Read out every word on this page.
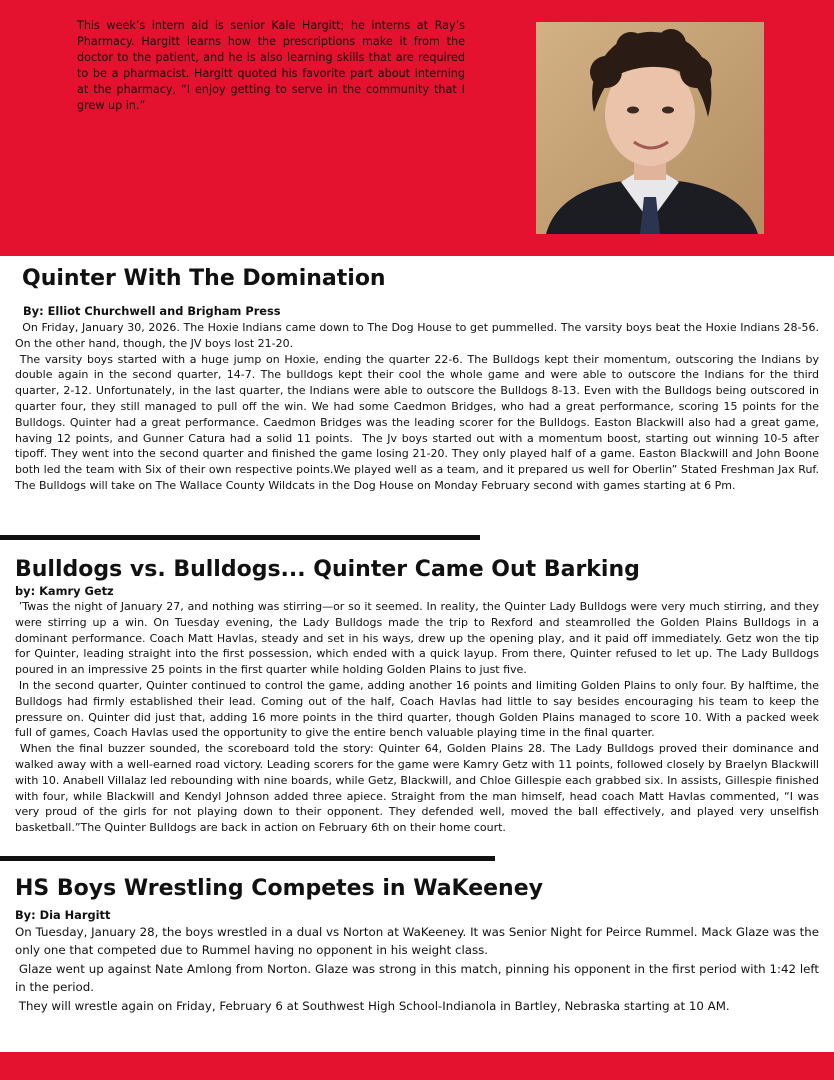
This week’s intern aid is senior Kale Hargitt; he interns at Ray’s Pharmacy. Hargitt learns how the prescriptions make it from the doctor to the patient, and he is also learning skills that are required to be a pharmacist. Hargitt quoted his favorite part about interning at the pharmacy, “I enjoy getting to serve in the community that I grew up in.”

Quinter With The Domination

By: Elliot Churchwell and Brigham Press

On Friday, January 30, 2026. The Hoxie Indians came down to The Dog House to get pummelled. The varsity boys beat the Hoxie Indians 28-56. On the other hand, though, the JV boys lost 21-20.

The varsity boys started with a huge jump on Hoxie, ending the quarter 22-6. The Bulldogs kept their momentum, outscoring the Indians by double again in the second quarter, 14-7. The bulldogs kept their cool the whole game and were able to outscore the Indians for the third quarter, 2-12. Unfortunately, in the last quarter, the Indians were able to outscore the Bulldogs 8-13. Even with the Bulldogs being outscored in quarter four, they still managed to pull off the win. We had some Caedmon Bridges, who had a great performance, scoring 15 points for the Bulldogs. Quinter had a great performance. Caedmon Bridges was the leading scorer for the Bulldogs. Easton Blackwill also had a great game, having 12 points, and Gunner Catura had a solid 11 points.  The Jv boys started out with a momentum boost, starting out winning 10-5 after tipoff. They went into the second quarter and finished the game losing 21-20. They only played half of a game. Easton Blackwill and John Boone both led the team with Six of their own respective points.We played well as a team, and it prepared us well for Oberlin” Stated Freshman Jax Ruf. The Bulldogs will take on The Wallace County Wildcats in the Dog House on Monday February second with games starting at 6 Pm.

Bulldogs vs. Bulldogs... Quinter Came Out Barking

by: Kamry Getz

’Twas the night of January 27, and nothing was stirring—or so it seemed. In reality, the Quinter Lady Bulldogs were very much stirring, and they were stirring up a win. On Tuesday evening, the Lady Bulldogs made the trip to Rexford and steamrolled the Golden Plains Bulldogs in a dominant performance. Coach Matt Havlas, steady and set in his ways, drew up the opening play, and it paid off immediately. Getz won the tip for Quinter, leading straight into the first possession, which ended with a quick layup. From there, Quinter refused to let up. The Lady Bulldogs poured in an impressive 25 points in the first quarter while holding Golden Plains to just five.

In the second quarter, Quinter continued to control the game, adding another 16 points and limiting Golden Plains to only four. By halftime, the Bulldogs had firmly established their lead. Coming out of the half, Coach Havlas had little to say besides encouraging his team to keep the pressure on. Quinter did just that, adding 16 more points in the third quarter, though Golden Plains managed to score 10. With a packed week full of games, Coach Havlas used the opportunity to give the entire bench valuable playing time in the final quarter.

When the final buzzer sounded, the scoreboard told the story: Quinter 64, Golden Plains 28. The Lady Bulldogs proved their dominance and walked away with a well-earned road victory. Leading scorers for the game were Kamry Getz with 11 points, followed closely by Braelyn Blackwill with 10. Anabell Villalaz led rebounding with nine boards, while Getz, Blackwill, and Chloe Gillespie each grabbed six. In assists, Gillespie finished with four, while Blackwill and Kendyl Johnson added three apiece. Straight from the man himself, head coach Matt Havlas commented, “I was very proud of the girls for not playing down to their opponent. They defended well, moved the ball effectively, and played very unselfish basketball.”The Quinter Bulldogs are back in action on February 6th on their home court.

HS Boys Wrestling Competes in WaKeeney

By: Dia Hargitt

On Tuesday, January 28, the boys wrestled in a dual vs Norton at WaKeeney. It was Senior Night for Peirce Rummel. Mack Glaze was the only one that competed due to Rummel having no opponent in his weight class.

Glaze went up against Nate Amlong from Norton. Glaze was strong in this match, pinning his opponent in the first period with 1:42 left in the period.

They will wrestle again on Friday, February 6 at Southwest High School-Indianola in Bartley, Nebraska starting at 10 AM.
